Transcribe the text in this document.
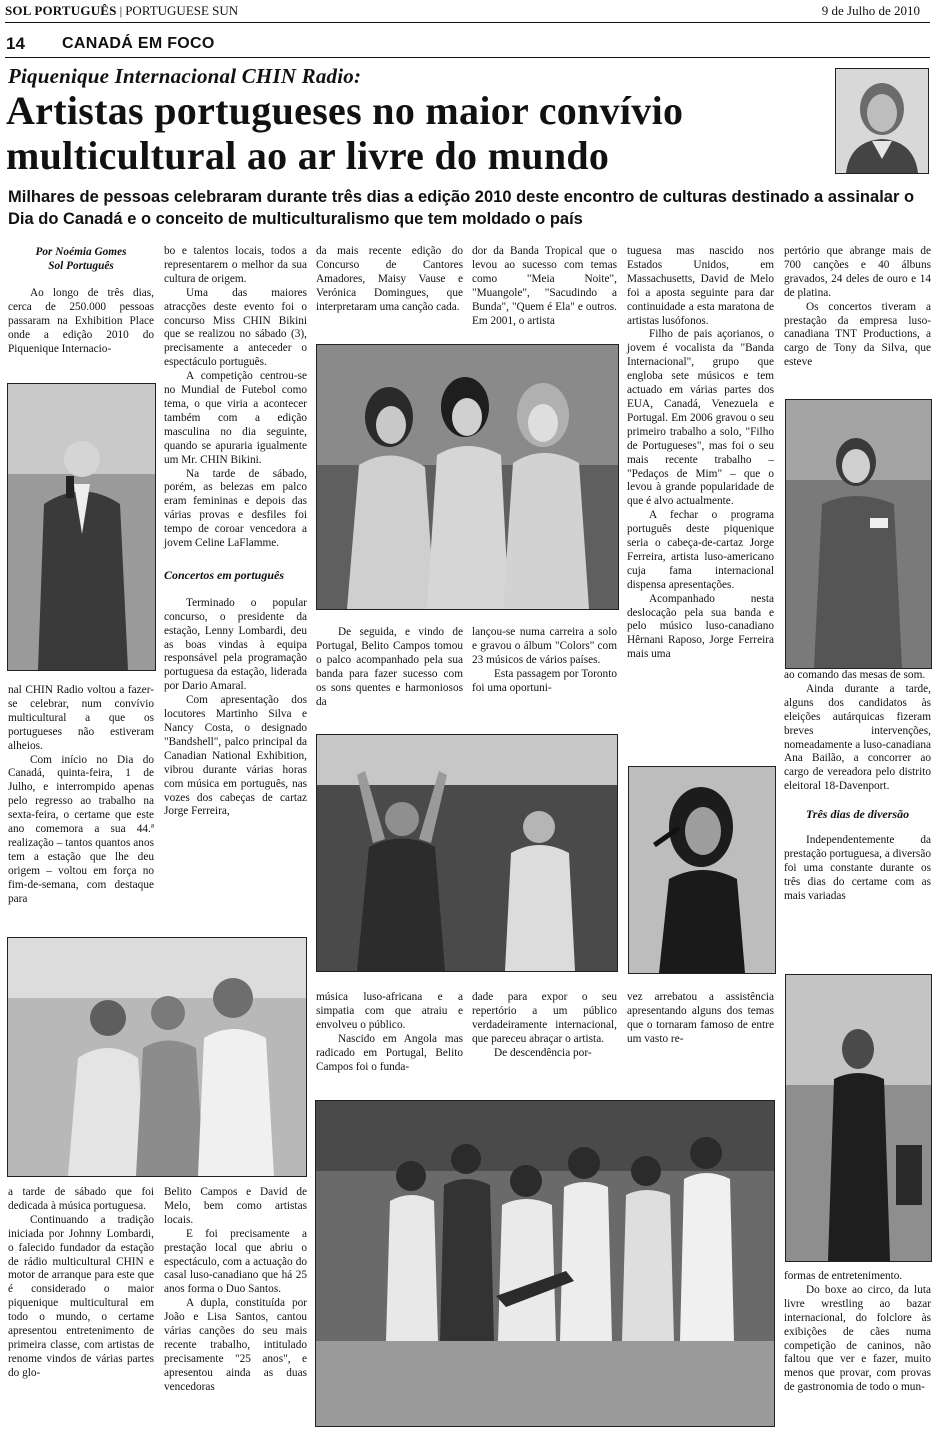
SOL PORTUGUÊS | PORTUGUESE SUN	9 de Julho de 2010
14 CANADÁ EM FOCO
Piquenique Internacional CHIN Radio:
Artistas portugueses no maior convívio multicultural ao ar livre do mundo
Milhares de pessoas celebraram durante três dias a edição 2010 deste encontro de culturas destinado a assinalar o Dia do Canadá e o conceito de multiculturalismo que tem moldado o país
Por Noémia Gomes
Sol Português

Ao longo de três dias, cerca de 250.000 pessoas passaram na Exhibition Place onde a edição 2010 do Piquenique Internacio-

nal CHIN Radio voltou a fazer-se celebrar, num convívio multicultural a que os portugueses não estiveram alheios.

Com início no Dia do Canadá, quinta-feira, 1 de Julho, e interrompido apenas pelo regresso ao trabalho na sexta-feira, o certame que este ano comemora a sua 44.ª realização – tantos quantos anos tem a estação que lhe deu origem – voltou em força no fim-de-semana, com destaque para

a tarde de sábado que foi dedicada à música portuguesa.

Continuando a tradição iniciada por Johnny Lombardi, o falecido fundador da estação de rádio multicultural CHIN e motor de arranque para este que é considerado o maior piquenique multicultural em todo o mundo, o certame apresentou entretenimento de primeira classe, com artistas de renome vindos de várias partes do glo-

bo e talentos locais, todos a representarem o melhor da sua cultura de origem.

Uma das maiores atracções deste evento foi o concurso Miss CHIN Bikini que se realizou no sábado (3), precisamente a anteceder o espectáculo português.

A competição centrou-se no Mundial de Futebol como tema, o que viria a acontecer também com a edição masculina no dia seguinte, quando se apuraria igualmente um Mr. CHIN Bikini.

Na tarde de sábado, porém, as belezas em palco eram femininas e depois das várias provas e desfiles foi tempo de coroar vencedora a jovem Celine LaFlamme.

Concertos em português

Terminado o popular concurso, o presidente da estação, Lenny Lombardi, deu as boas vindas à equipa responsável pela programação portuguesa da estação, liderada por Dario Amaral.

Com apresentação dos locutores Martinho Silva e Nancy Costa, o designado "Bandshell", palco principal da Canadian National Exhibition, vibrou durante várias horas com música em português, nas vozes dos cabeças de cartaz Jorge Ferreira,

Belito Campos e David de Melo, bem como artistas locais.

E foi precisamente a prestação local que abriu o espectáculo, com a actuação do casal luso-canadiano que há 25 anos forma o Duo Santos.

A dupla, constituída por João e Lisa Santos, cantou várias canções do seu mais recente trabalho, intitulado precisamente "25 anos", e apresentou ainda as duas vencedoras

da mais recente edição do Concurso de Cantores Amadores, Maisy Vause e Verónica Domingues, que interpretaram uma canção cada.

De seguida, e vindo de Portugal, Belito Campos tomou o palco acompanhado pela sua banda para fazer sucesso com os sons quentes e harmoniosos da

música luso-africana e a simpatia com que atraiu e envolveu o público.

Nascido em Angola mas radicado em Portugal, Belito Campos foi o funda-

dor da Banda Tropical que o levou ao sucesso com temas como "Meia Noite", "Muangole", "Sacudindo a Bunda", "Quem é Ela" e outros. Em 2001, o artista

lançou-se numa carreira a solo e gravou o álbum "Colors" com 23 músicos de vários países.

Esta passagem por Toronto foi uma oportuni-

dade para expor o seu repertório a um público verdadeiramente internacional, que pareceu abraçar o artista.

De descendência por-

tuguesa mas nascido nos Estados Unidos, em Massachusetts, David de Melo foi a aposta seguinte para dar continuidade a esta maratona de artistas lusófonos.

Filho de pais açorianos, o jovem é vocalista da "Banda Internacional", grupo que engloba sete músicos e tem actuado em várias partes dos EUA, Canadá, Venezuela e Portugal. Em 2006 gravou o seu primeiro trabalho a solo, "Filho de Portugueses", mas foi o seu mais recente trabalho – "Pedaços de Mim" – que o levou à grande popularidade de que é alvo actualmente.

A fechar o programa português deste piquenique seria o cabeça-de-cartaz Jorge Ferreira, artista luso-americano cuja fama internacional dispensa apresentações.

Acompanhado nesta deslocação pela sua banda e pelo músico luso-canadiano Hêrnani Raposo, Jorge Ferreira mais uma

vez arrebatou a assistência apresentando alguns dos temas que o tornaram famoso de entre um vasto re-

pertório que abrange mais de 700 canções e 40 álbuns gravados, 24 deles de ouro e 14 de platina.

Os concertos tiveram a prestação da empresa luso-canadiana TNT Productions, a cargo de Tony da Silva, que esteve

ao comando das mesas de som.

Ainda durante a tarde, alguns dos candidatos às eleições autárquicas fizeram breves intervenções, nomeadamente a luso-canadiana Ana Bailão, a concorrer ao cargo de vereadora pelo distrito eleitoral 18-Davenport.

Três dias de diversão

Independentemente da prestação portuguesa, a diversão foi uma constante durante os três dias do certame com as mais variadas

formas de entretenimento.

Do boxe ao circo, da luta livre wrestling ao bazar internacional, do folclore às exibições de cães numa competição de caninos, não faltou que ver e fazer, muito menos que provar, com provas de gastronomia de todo o mun-
